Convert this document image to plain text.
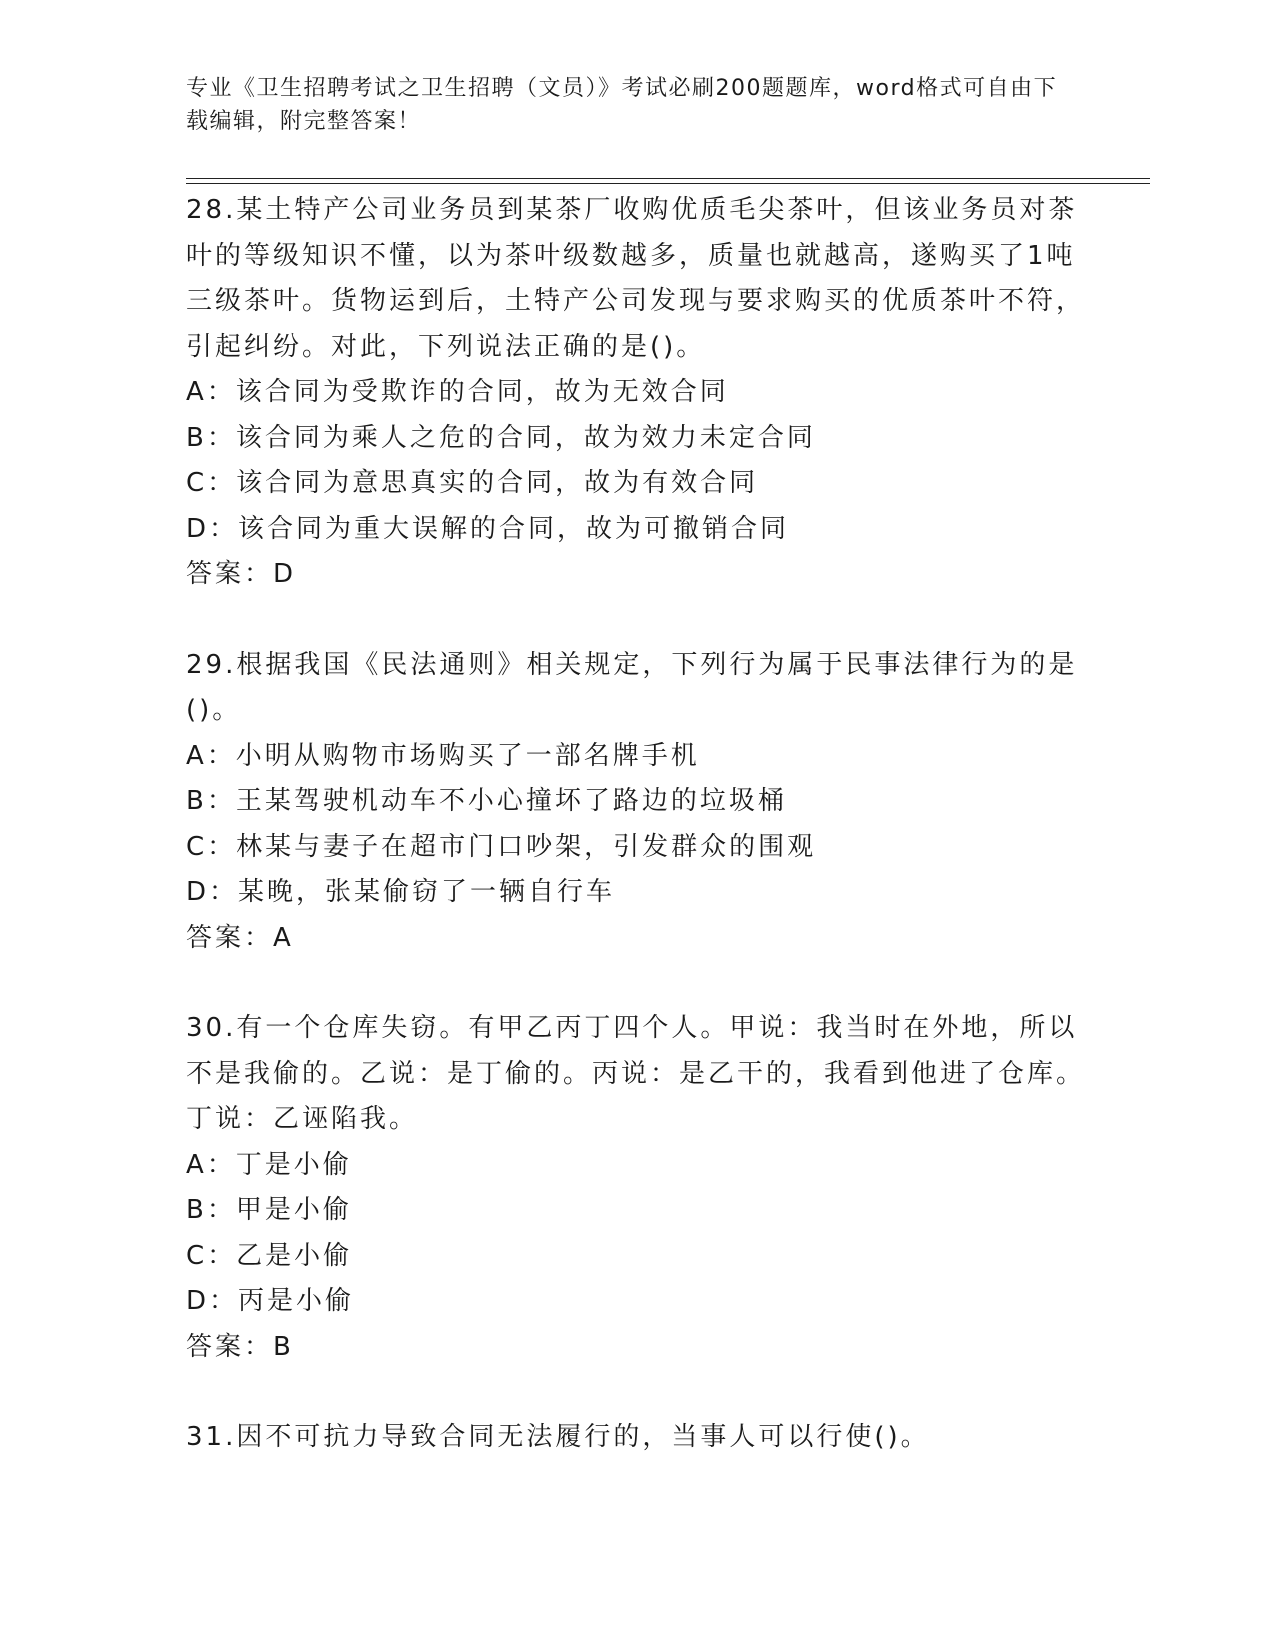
专业《卫生招聘考试之卫生招聘（文员）》考试必刷200题题库，word格式可自由下载编辑，附完整答案！

28.某土特产公司业务员到某茶厂收购优质毛尖茶叶，但该业务员对茶叶的等级知识不懂，以为茶叶级数越多，质量也就越高，遂购买了1吨三级茶叶。货物运到后，土特产公司发现与要求购买的优质茶叶不符，引起纠纷。对此，下列说法正确的是()。

A：该合同为受欺诈的合同，故为无效合同

B：该合同为乘人之危的合同，故为效力未定合同

C：该合同为意思真实的合同，故为有效合同

D：该合同为重大误解的合同，故为可撤销合同

答案：D

29.根据我国《民法通则》相关规定，下列行为属于民事法律行为的是()。

A：小明从购物市场购买了一部名牌手机

B：王某驾驶机动车不小心撞坏了路边的垃圾桶

C：林某与妻子在超市门口吵架，引发群众的围观

D：某晚，张某偷窃了一辆自行车

答案：A

30.有一个仓库失窃。有甲乙丙丁四个人。甲说：我当时在外地，所以不是我偷的。乙说：是丁偷的。丙说：是乙干的，我看到他进了仓库。丁说：乙诬陷我。

A：丁是小偷

B：甲是小偷

C：乙是小偷

D：丙是小偷

答案：B

31.因不可抗力导致合同无法履行的，当事人可以行使()。
